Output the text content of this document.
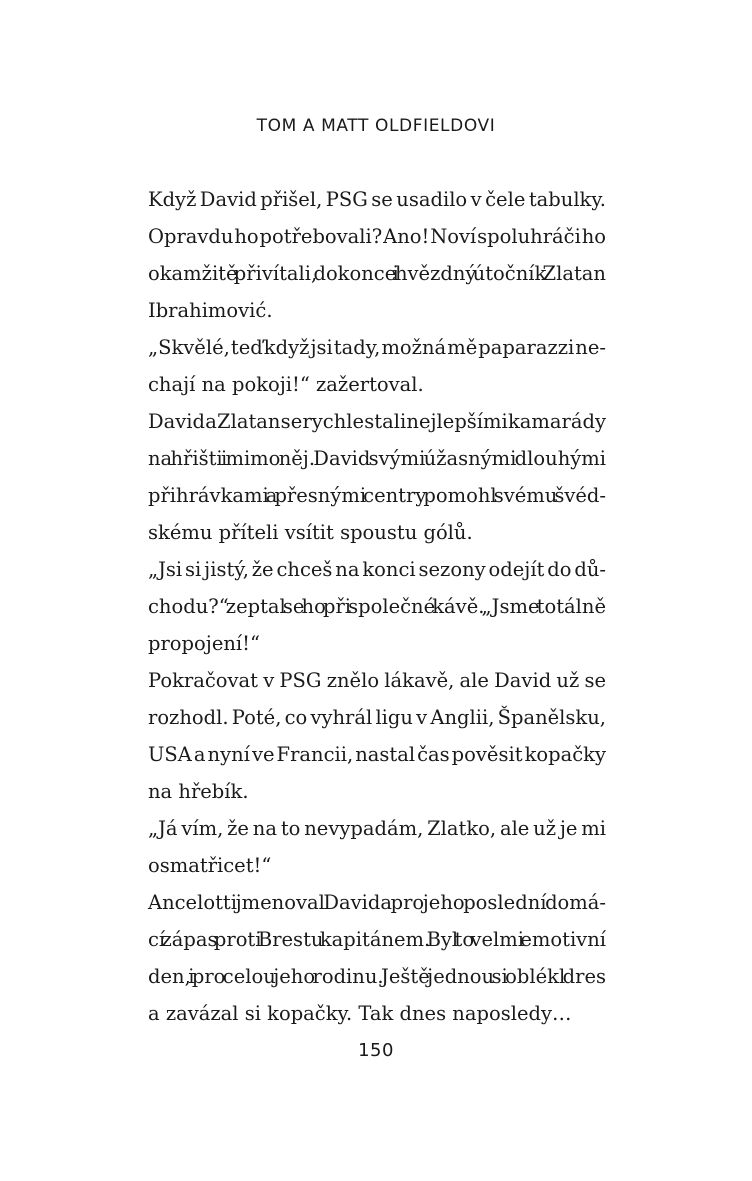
TOM A MATT OLDFIELDOVI

Když David přišel, PSG se usadilo v čele tabulky.

Opravdu ho potřebovali? Ano! Noví spoluhráči ho
okamžitě přivítali, dokonce i hvězdný útočník Zlatan
Ibrahimović.

„Skvělé, teď když jsi tady, možná mě paparazzi ne-
chají na pokoji!“ zažertoval.

David a Zlatan se rychle stali nejlepšími kamarády
na hřišti i mimo něj. David svými úžasnými dlouhými
přihrávkami a přesnými centry pomohl svému švéd-
skému příteli vsítit spoustu gólů.

„Jsi si jistý, že chceš na konci sezony odejít do dů-
chodu?“ zeptal se ho při společné kávě. „Jsme totálně
propojení!“

Pokračovat v PSG znělo lákavě, ale David už se
rozhodl. Poté, co vyhrál ligu v Anglii, Španělsku,
USA a nyní ve Francii, nastal čas pověsit kopačky
na hřebík.

„Já vím, že na to nevypadám, Zlatko, ale už je mi
osmatřicet!“

Ancelotti jmenoval Davida pro jeho poslední domá-
cí zápas proti Brestu kapitánem. Byl to velmi emotivní
den, i pro celou jeho rodinu. Ještě jednou si oblékl dres
a zavázal si kopačky. Tak dnes naposledy…

150
